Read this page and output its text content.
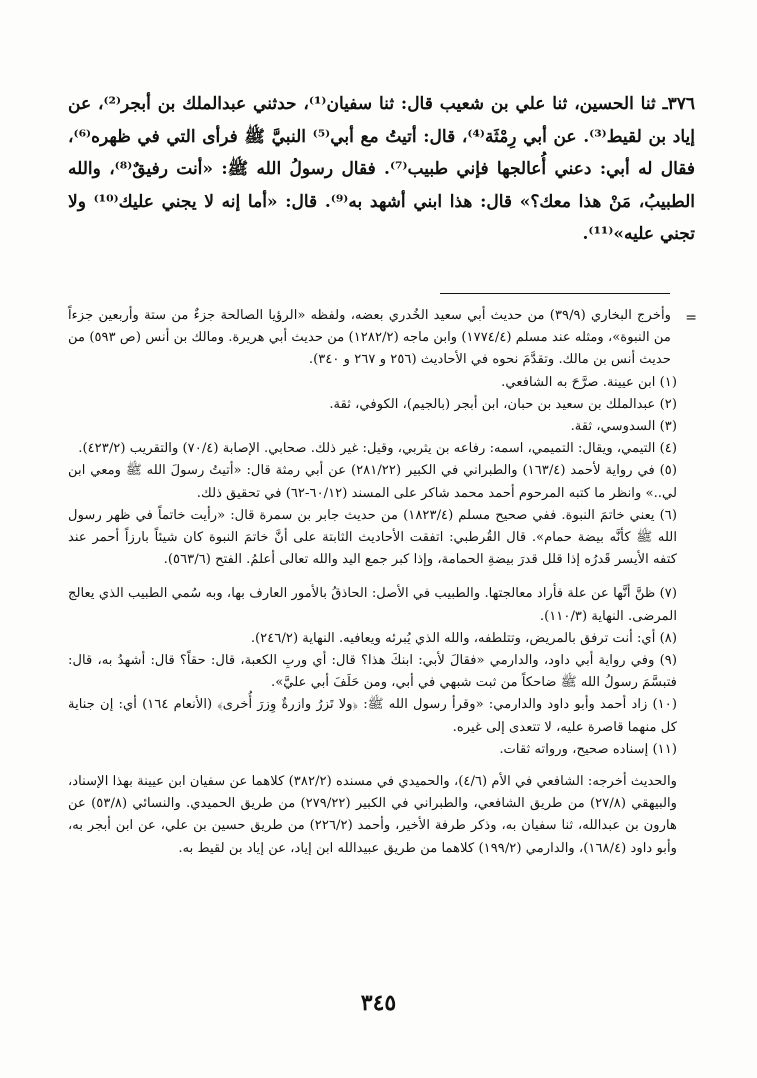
٣٧٦ـ ثنا الحسين، ثنا علي بن شعيب قال: ثنا سفيان⁽¹⁾، حدثني عبدالملك بن أبجر⁽²⁾، عن إياد بن لقيط⁽³⁾. عن أبي رِمْثَة⁽⁴⁾، قال: أتيتُ مع أبي⁽⁵⁾ النبيَّ ﷺ فرأى التي في ظهره⁽⁶⁾، فقال له أبي: دعني أُعالجها فإني طبيب⁽⁷⁾. فقال رسولُ الله ﷺ: «أنت رفيقٌ⁽⁸⁾، والله الطبيبُ، مَنْ هذا معك؟» قال: هذا ابني أشهد به⁽⁹⁾. قال: «أما إنه لا يجني عليك⁽¹⁰⁾ ولا تجني عليه»⁽¹¹⁾.

=
وأخرج البخاري (٣٩/٩) من حديث أبي سعيد الخُدري بعضه، ولفظه «الرؤيا الصالحة جزءٌ من ستة وأربعين جزءاً من النبوة»، ومثله عند مسلم (١٧٧٤/٤) وابن ماجه (١٢٨٢/٢) من حديث أبي هريرة. ومالك بن أنس (ص ٥٩٣) من حديث أنس بن مالك. وتقدَّمَ نحوه في الأحاديث (٢٥٦ و ٢٦٧ و ٣٤٠).

(١) ابن عيينة. صرَّحَ به الشافعي.

(٢) عبدالملك بن سعيد بن حبان، ابن أبجر (بالجيم)، الكوفي، ثقة.

(٣) السدوسي، ثقة.

(٤) التيمي، ويقال: التميمي، اسمه: رفاعه بن يثربي، وقيل: غير ذلك. صحابي. الإصابة (٧٠/٤) والتقريب (٤٢٣/٢).

(٥) في رواية لأحمد (١٦٣/٤) والطبراني في الكبير (٢٨١/٢٢) عن أبي رمثة قال: «أتيتُ رسولَ الله ﷺ ومعي ابن لي..» وانظر ما كتبه المرحوم أحمد محمد شاكر على المسند (٦٠/١٢-٦٢) في تحقيق ذلك.

(٦) يعني خاتمَ النبوة. ففي صحيح مسلم (١٨٢٣/٤) من حديث جابر بن سمرة قال: «رأيت خاتماً في ظهر رسول الله ﷺ كأنَّه بيضة حمام». قال القُرطبي: اتفقت الأحاديث الثابتة على أنَّ خاتمَ النبوة كان شيئاً بارزاً أحمر عند كتفه الأيسر قَدرُه إذا قلل قدرَ بيضةِ الحمامة، وإذا كبر جمع اليد والله تعالى أعلمُ. الفتح (٥٦٣/٦).

(٧) ظنَّ أنَّها عن علة فأراد معالجتها. والطبيب في الأصل: الحاذقُ بالأمور العارف بها، وبه سُمي الطبيب الذي يعالج المرضى. النهاية (١١٠/٣).

(٨) أي: أنت ترفق بالمريض، وتتلطفه، والله الذي يُبرئه ويعافيه. النهاية (٢٤٦/٢).

(٩) وفي رواية أبي داود، والدارمي «فقالَ لأبي: ابنكَ هذا؟ قال: أي وربِ الكعبة، قال: حقاً؟ قال: أشهدُ به، قال: فتبسَّمَ رسولُ الله ﷺ ضاحكاً من ثبت شبهي في أبي، ومن حَلَفَ أبي عليَّ».

(١٠) زاد أحمد وأبو داود والدارمي: «وقرأ رسول الله ﷺ: ﴿ولا تَزرُ وازرةٌ وِزرَ أُخرى﴾ (الأنعام ١٦٤) أي: إن جناية كل منهما قاصرة عليه، لا تتعدى إلى غيره.

(١١) إسناده صحيح، ورواته ثقات.

والحديث أخرجه: الشافعي في الأم (٤/٦)، والحميدي في مسنده (٣٨٢/٢) كلاهما عن سفيان ابن عيينة بهذا الإسناد، والبيهقي (٢٧/٨) من طريق الشافعي، والطبراني في الكبير (٢٧٩/٢٢) من طريق الحميدي. والنسائي (٥٣/٨) عن هارون بن عبدالله، ثنا سفيان به، وذكر طرفة الأخير، وأحمد (٢٢٦/٢) من طريق حسين بن علي، عن ابن أبجر به، وأبو داود (١٦٨/٤)، والدارمي (١٩٩/٢) كلاهما من طريق عبيدالله ابن إياد، عن إياد بن لقيط به.

٣٤٥
